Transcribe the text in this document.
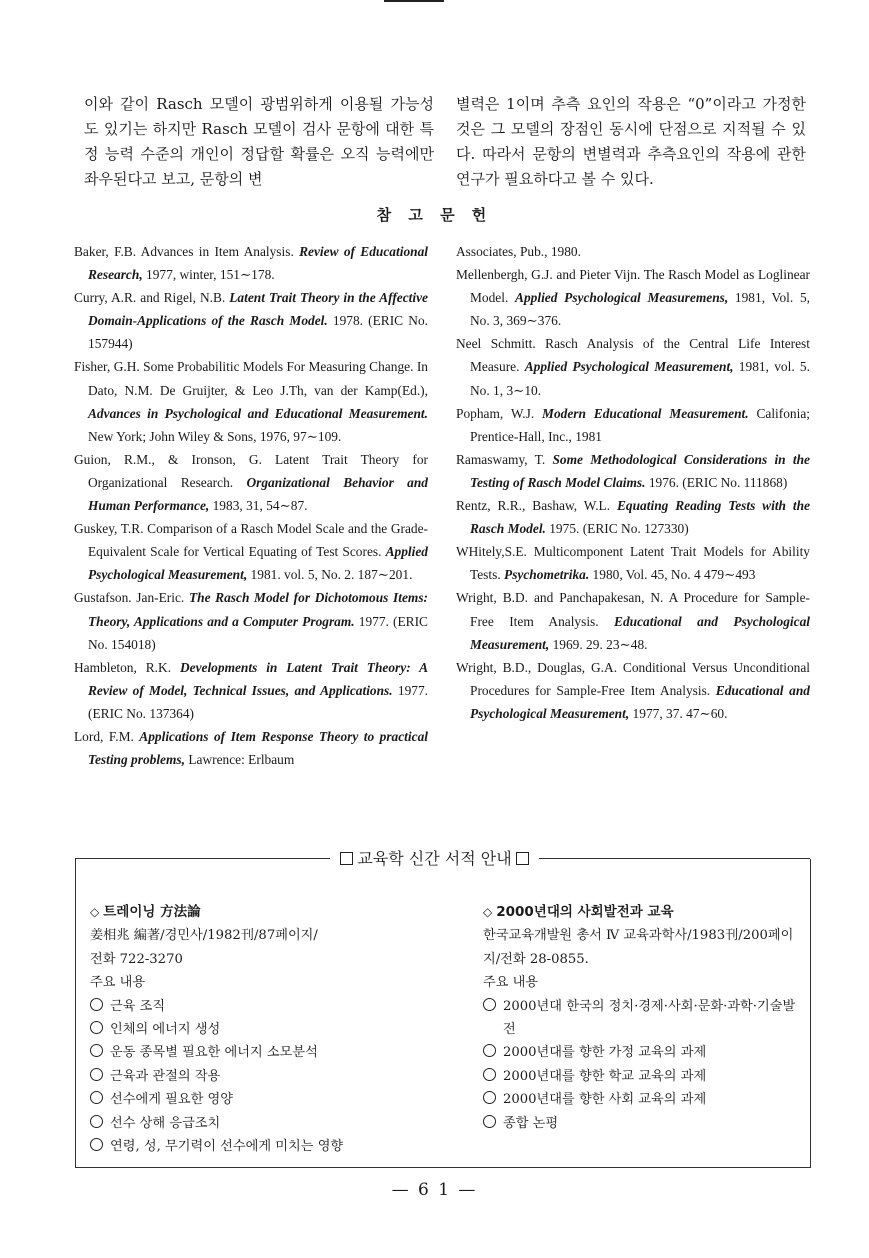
이와 같이 Rasch 모델이 광범위하게 이용될 가능성도 있기는 하지만 Rasch 모델이 검사 문항에 대한 특정 능력 수준의 개인이 정답할 확률은 오직 능력에만 좌우된다고 보고, 문항의 변
별력은 1이며 추측 요인의 작용은 “0”이라고 가정한 것은 그 모델의 장점인 동시에 단점으로 지적될 수 있다. 따라서 문항의 변별력과 추측요인의 작용에 관한 연구가 필요하다고 볼 수 있다.
참 고 문 헌
Baker, F.B. Advances in Item Analysis. Review of Educational Research, 1977, winter, 151∼178.
Curry, A.R. and Rigel, N.B. Latent Trait Theory in the Affective Domain-Applications of the Rasch Model. 1978. (ERIC No. 157944)
Fisher, G.H. Some Probabilitic Models For Measuring Change. In Dato, N.M. De Gruijter, & Leo J.Th, van der Kamp(Ed.), Advances in Psychological and Educational Measurement. New York; John Wiley & Sons, 1976, 97∼109.
Guion, R.M., & Ironson, G. Latent Trait Theory for Organizational Research. Organizational Behavior and Human Performance, 1983, 31, 54∼87.
Guskey, T.R. Comparison of a Rasch Model Scale and the Grade-Equivalent Scale for Vertical Equating of Test Scores. Applied Psychological Measurement, 1981. vol. 5, No. 2. 187∼201.
Gustafson. Jan-Eric. The Rasch Model for Dichotomous Items: Theory, Applications and a Computer Program. 1977. (ERIC No. 154018)
Hambleton, R.K. Developments in Latent Trait Theory: A Review of Model, Technical Issues, and Applications. 1977. (ERIC No. 137364)
Lord, F.M. Applications of Item Response Theory to practical Testing problems, Lawrence: Erlbaum
Associates, Pub., 1980.
Mellenbergh, G.J. and Pieter Vijn. The Rasch Model as Loglinear Model. Applied Psychological Measuremens, 1981, Vol. 5, No. 3, 369∼376.
Neel Schmitt. Rasch Analysis of the Central Life Interest Measure. Applied Psychological Measurement, 1981, vol. 5. No. 1, 3∼10.
Popham, W.J. Modern Educational Measurement. Califonia; Prentice-Hall, Inc., 1981
Ramaswamy, T. Some Methodological Considerations in the Testing of Rasch Model Claims. 1976. (ERIC No. 111868)
Rentz, R.R., Bashaw, W.L. Equating Reading Tests with the Rasch Model. 1975. (ERIC No. 127330)
WHitely,S.E. Multicomponent Latent Trait Models for Ability Tests. Psychometrika. 1980, Vol. 45, No. 4 479∼493
Wright, B.D. and Panchapakesan, N. A Procedure for Sample-Free Item Analysis. Educational and Psychological Measurement, 1969. 29. 23∼48.
Wright, B.D., Douglas, G.A. Conditional Versus Unconditional Procedures for Sample-Free Item Analysis. Educational and Psychological Measurement, 1977, 37. 47∼60.
교육학 신간 서적 안내
◇ 트레이닝 方法論
姜相兆 編著/경민사/1982刊/87페이지/
전화 722-3270
주요 내용
근육 조직
인체의 에너지 생성
운동 종목별 필요한 에너지 소모분석
근육과 관절의 작용
선수에게 필요한 영양
선수 상해 응급조치
연령, 성, 무기력이 선수에게 미치는 영향
◇ 2000년대의 사회발전과 교육
한국교육개발원 총서 Ⅳ 교육과학사/1983刊/200페이지/전화 28-0855.
주요 내용
2000년대 한국의 정치·경제·사회·문화·과학·기술발전
2000년대를 향한 가정 교육의 과제
2000년대를 향한 학교 교육의 과제
2000년대를 향한 사회 교육의 과제
종합 논평
— 6 1 —
